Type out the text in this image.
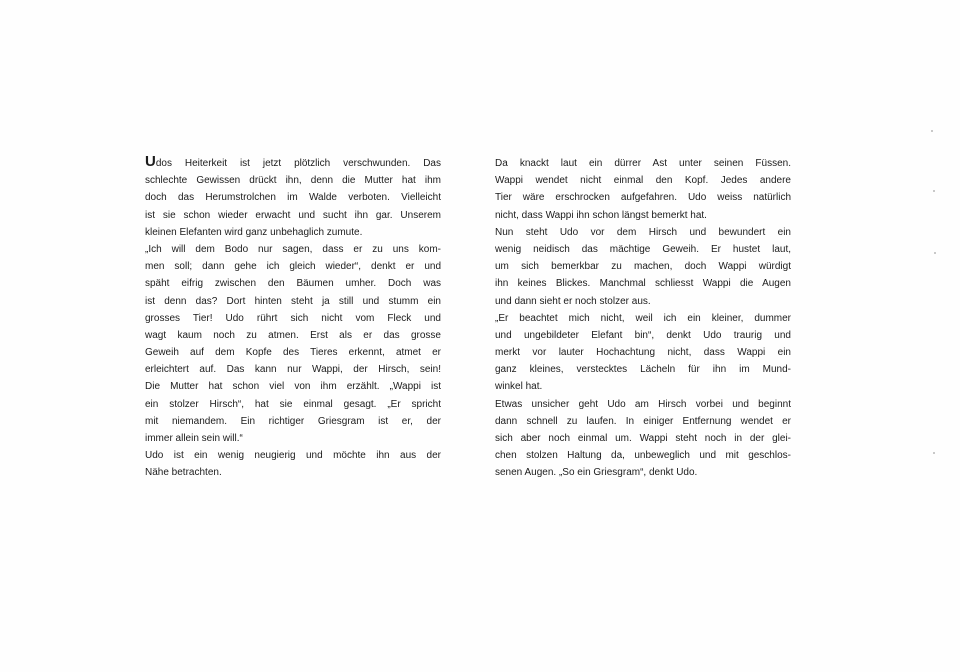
Udos Heiterkeit ist jetzt plötzlich verschwunden. Das
schlechte Gewissen drückt ihn, denn die Mutter hat ihm
doch das Herumstrolchen im Walde verboten. Vielleicht
ist sie schon wieder erwacht und sucht ihn gar. Unserem
kleinen Elefanten wird ganz unbehaglich zumute.
„Ich will dem Bodo nur sagen, dass er zu uns kom-
men soll; dann gehe ich gleich wieder“, denkt er und
späht eifrig zwischen den Bäumen umher. Doch was
ist denn das? Dort hinten steht ja still und stumm ein
grosses Tier! Udo rührt sich nicht vom Fleck und
wagt kaum noch zu atmen. Erst als er das grosse
Geweih auf dem Kopfe des Tieres erkennt, atmet er
erleichtert auf. Das kann nur Wappi, der Hirsch, sein!
Die Mutter hat schon viel von ihm erzählt. „Wappi ist
ein stolzer Hirsch“, hat sie einmal gesagt. „Er spricht
mit niemandem. Ein richtiger Griesgram ist er, der
immer allein sein will.“
Udo ist ein wenig neugierig und möchte ihn aus der
Nähe betrachten.
Da knackt laut ein dürrer Ast unter seinen Füssen.
Wappi wendet nicht einmal den Kopf. Jedes andere
Tier wäre erschrocken aufgefahren. Udo weiss natürlich
nicht, dass Wappi ihn schon längst bemerkt hat.
Nun steht Udo vor dem Hirsch und bewundert ein
wenig neidisch das mächtige Geweih. Er hustet laut,
um sich bemerkbar zu machen, doch Wappi würdigt
ihn keines Blickes. Manchmal schliesst Wappi die Augen
und dann sieht er noch stolzer aus.
„Er beachtet mich nicht, weil ich ein kleiner, dummer
und ungebildeter Elefant bin“, denkt Udo traurig und
merkt vor lauter Hochachtung nicht, dass Wappi ein
ganz kleines, verstecktes Lächeln für ihn im Mund-
winkel hat.
Etwas unsicher geht Udo am Hirsch vorbei und beginnt
dann schnell zu laufen. In einiger Entfernung wendet er
sich aber noch einmal um. Wappi steht noch in der glei-
chen stolzen Haltung da, unbeweglich und mit geschlos-
senen Augen. „So ein Griesgram“, denkt Udo.
